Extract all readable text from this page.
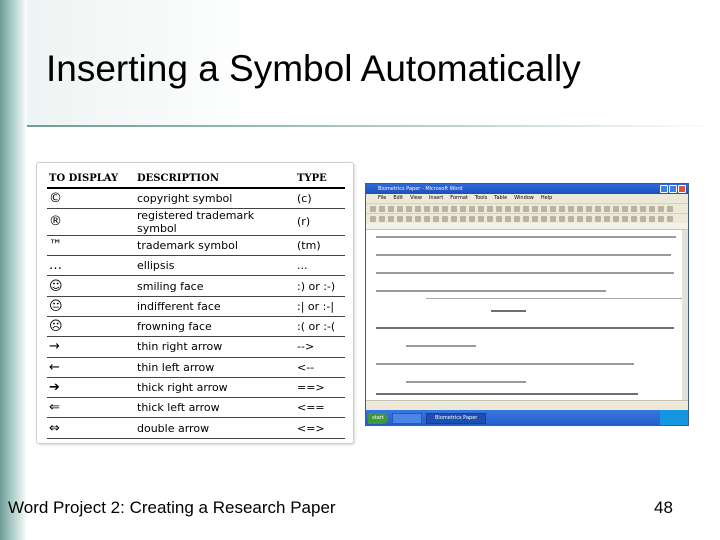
Inserting a Symbol Automatically
TO DISPLAY	DESCRIPTION	TYPE
©	copyright symbol	(c)
®	registered trademark symbol	(r)
™	trademark symbol	(tm)
…	ellipsis	...
☺	smiling face	:) or :-)
😐	indifferent face	:| or :-|
☹	frowning face	:( or :-(
→	thin right arrow	-->
←	thin left arrow	<--
➔	thick right arrow	==>
⇐	thick left arrow	<==
⇔	double arrow	<=>
Biometrics Paper - Microsoft Word
File Edit View Insert Format Tools Table Window Help
start	Biometrics Paper
Word Project 2: Creating a Research Paper	48
